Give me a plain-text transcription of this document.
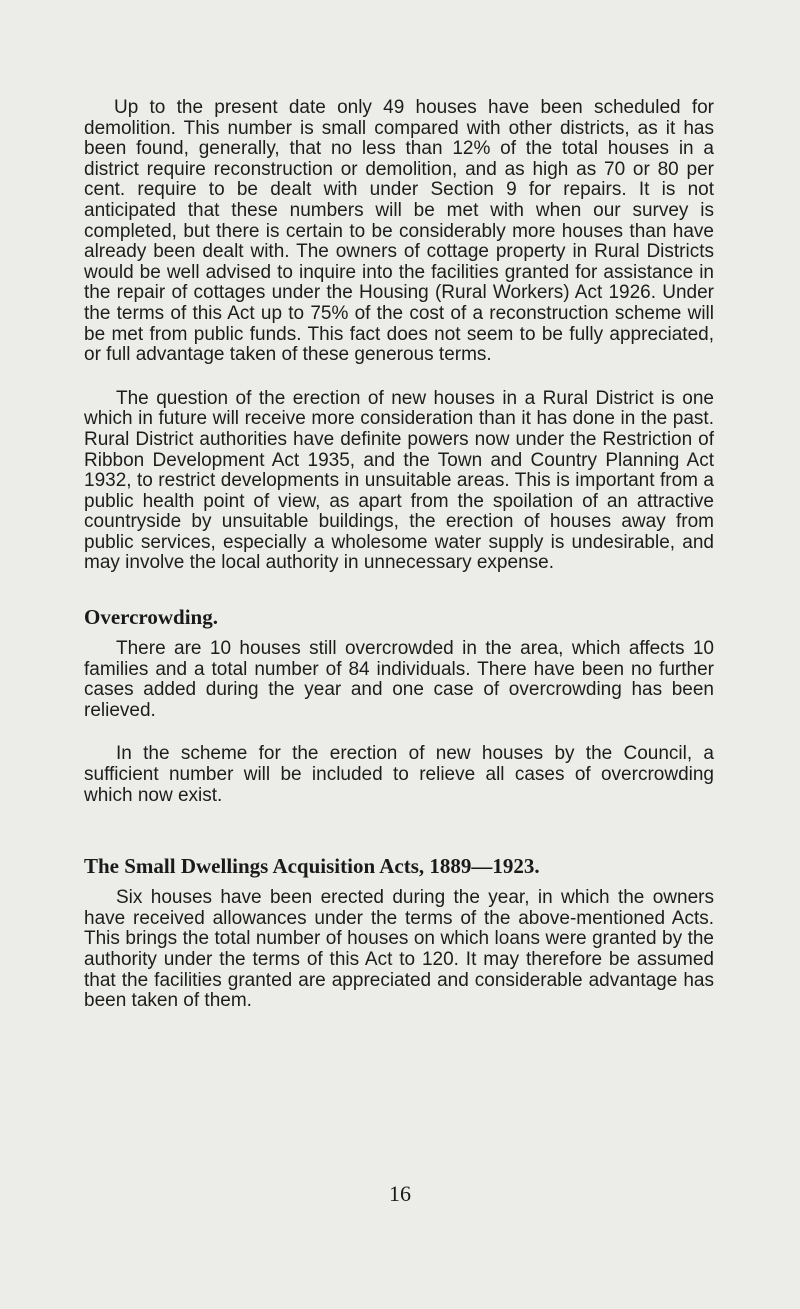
Up to the present date only 49 houses have been scheduled for demolition. This number is small compared with other districts, as it has been found, generally, that no less than 12% of the total houses in a district require reconstruction or demolition, and as high as 70 or 80 per cent. require to be dealt with under Section 9 for repairs. It is not anticipated that these numbers will be met with when our survey is completed, but there is certain to be considerably more houses than have already been dealt with. The owners of cottage property in Rural Districts would be well advised to inquire into the facilities granted for assistance in the repair of cottages under the Housing (Rural Workers) Act 1926. Under the terms of this Act up to 75% of the cost of a reconstruction scheme will be met from public funds. This fact does not seem to be fully appreciated, or full advantage taken of these generous terms.

The question of the erection of new houses in a Rural District is one which in future will receive more consideration than it has done in the past. Rural District authorities have definite powers now under the Restriction of Ribbon Development Act 1935, and the Town and Country Planning Act 1932, to restrict developments in unsuitable areas. This is important from a public health point of view, as apart from the spoilation of an attractive countryside by unsuitable buildings, the erection of houses away from public services, especially a wholesome water supply is undesirable, and may involve the local authority in unnecessary expense.

Overcrowding.

There are 10 houses still overcrowded in the area, which affects 10 families and a total number of 84 individuals. There have been no further cases added during the year and one case of overcrowding has been relieved.

In the scheme for the erection of new houses by the Council, a sufficient number will be included to relieve all cases of overcrowding which now exist.

The Small Dwellings Acquisition Acts, 1889—1923.

Six houses have been erected during the year, in which the owners have received allowances under the terms of the above-mentioned Acts. This brings the total number of houses on which loans were granted by the authority under the terms of this Act to 120. It may therefore be assumed that the facilities granted are appreciated and considerable advantage has been taken of them.

16
